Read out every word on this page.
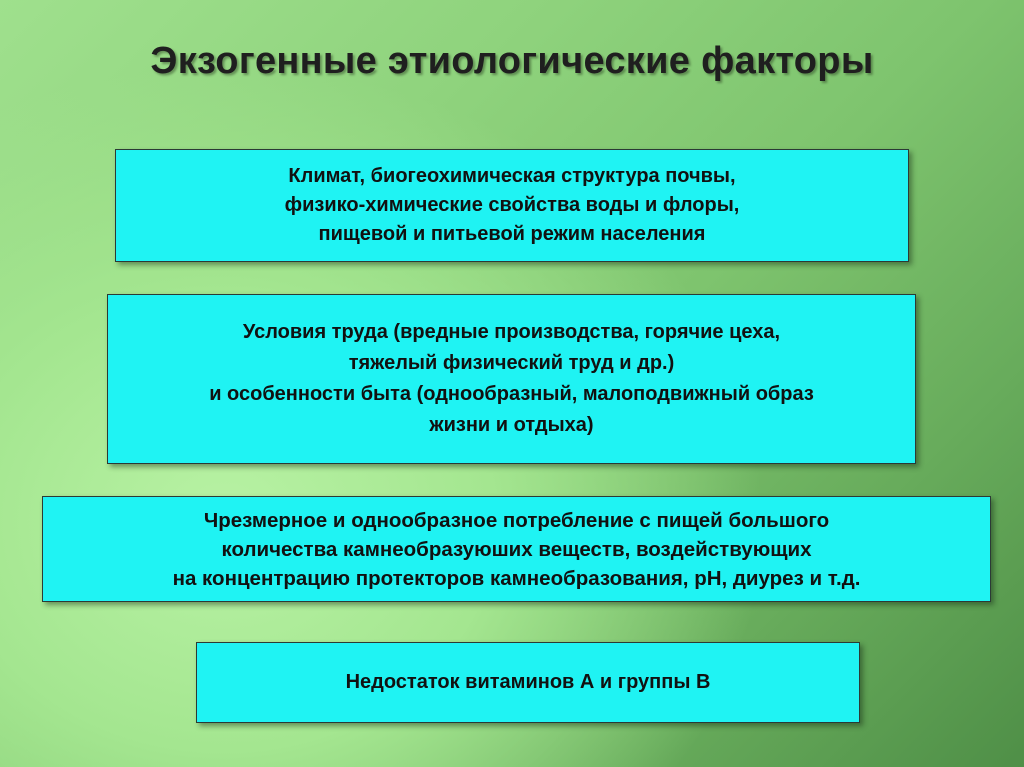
Экзогенные этиологические факторы
Климат, биогеохимическая структура почвы,
физико-химические свойства воды и флоры,
пищевой и питьевой режим населения
Условия труда (вредные производства, горячие цеха,
тяжелый физический труд и др.)
и особенности быта (однообразный, малоподвижный образ
жизни и отдыха)
Чрезмерное и однообразное потребление с пищей большого
количества камнеобразуюших веществ, воздействующих
на концентрацию протекторов камнеобразования, рН, диурез и т.д.
Недостаток витаминов А и группы В
